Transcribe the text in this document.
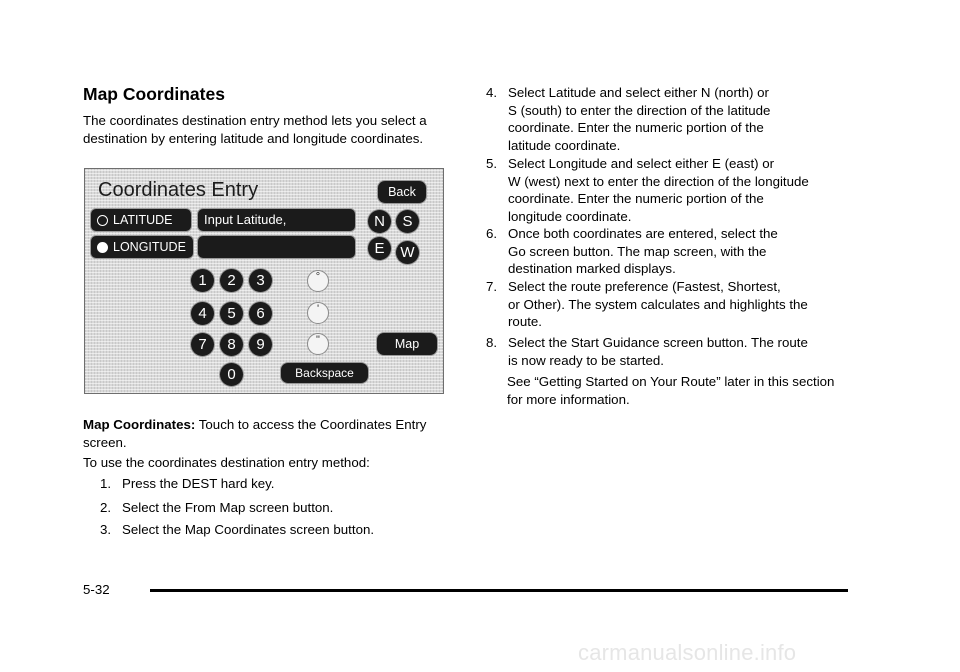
Map Coordinates
The coordinates destination entry method lets you select a destination by entering latitude and longitude coordinates.
Coordinates Entry	Back
LATITUDE
LONGITUDE
Input Latitude,	N	S
E	W
1	2	3
4	5	6
7	8	9
0
°
'
"	Map
Backspace
Map Coordinates: Touch to access the Coordinates Entry screen.
To use the coordinates destination entry method:
1. Press the DEST hard key.
2. Select the From Map screen button.
3. Select the Map Coordinates screen button.
4. Select Latitude and select either N (north) or
S (south) to enter the direction of the latitude
coordinate. Enter the numeric portion of the
latitude coordinate.
5. Select Longitude and select either E (east) or
W (west) next to enter the direction of the longitude
coordinate. Enter the numeric portion of the
longitude coordinate.
6. Once both coordinates are entered, select the
Go screen button. The map screen, with the
destination marked displays.
7. Select the route preference (Fastest, Shortest,
or Other). The system calculates and highlights the
route.
8. Select the Start Guidance screen button. The route
is now ready to be started.
See “Getting Started on Your Route” later in this section for more information.
5-32
carmanualsonline.info
